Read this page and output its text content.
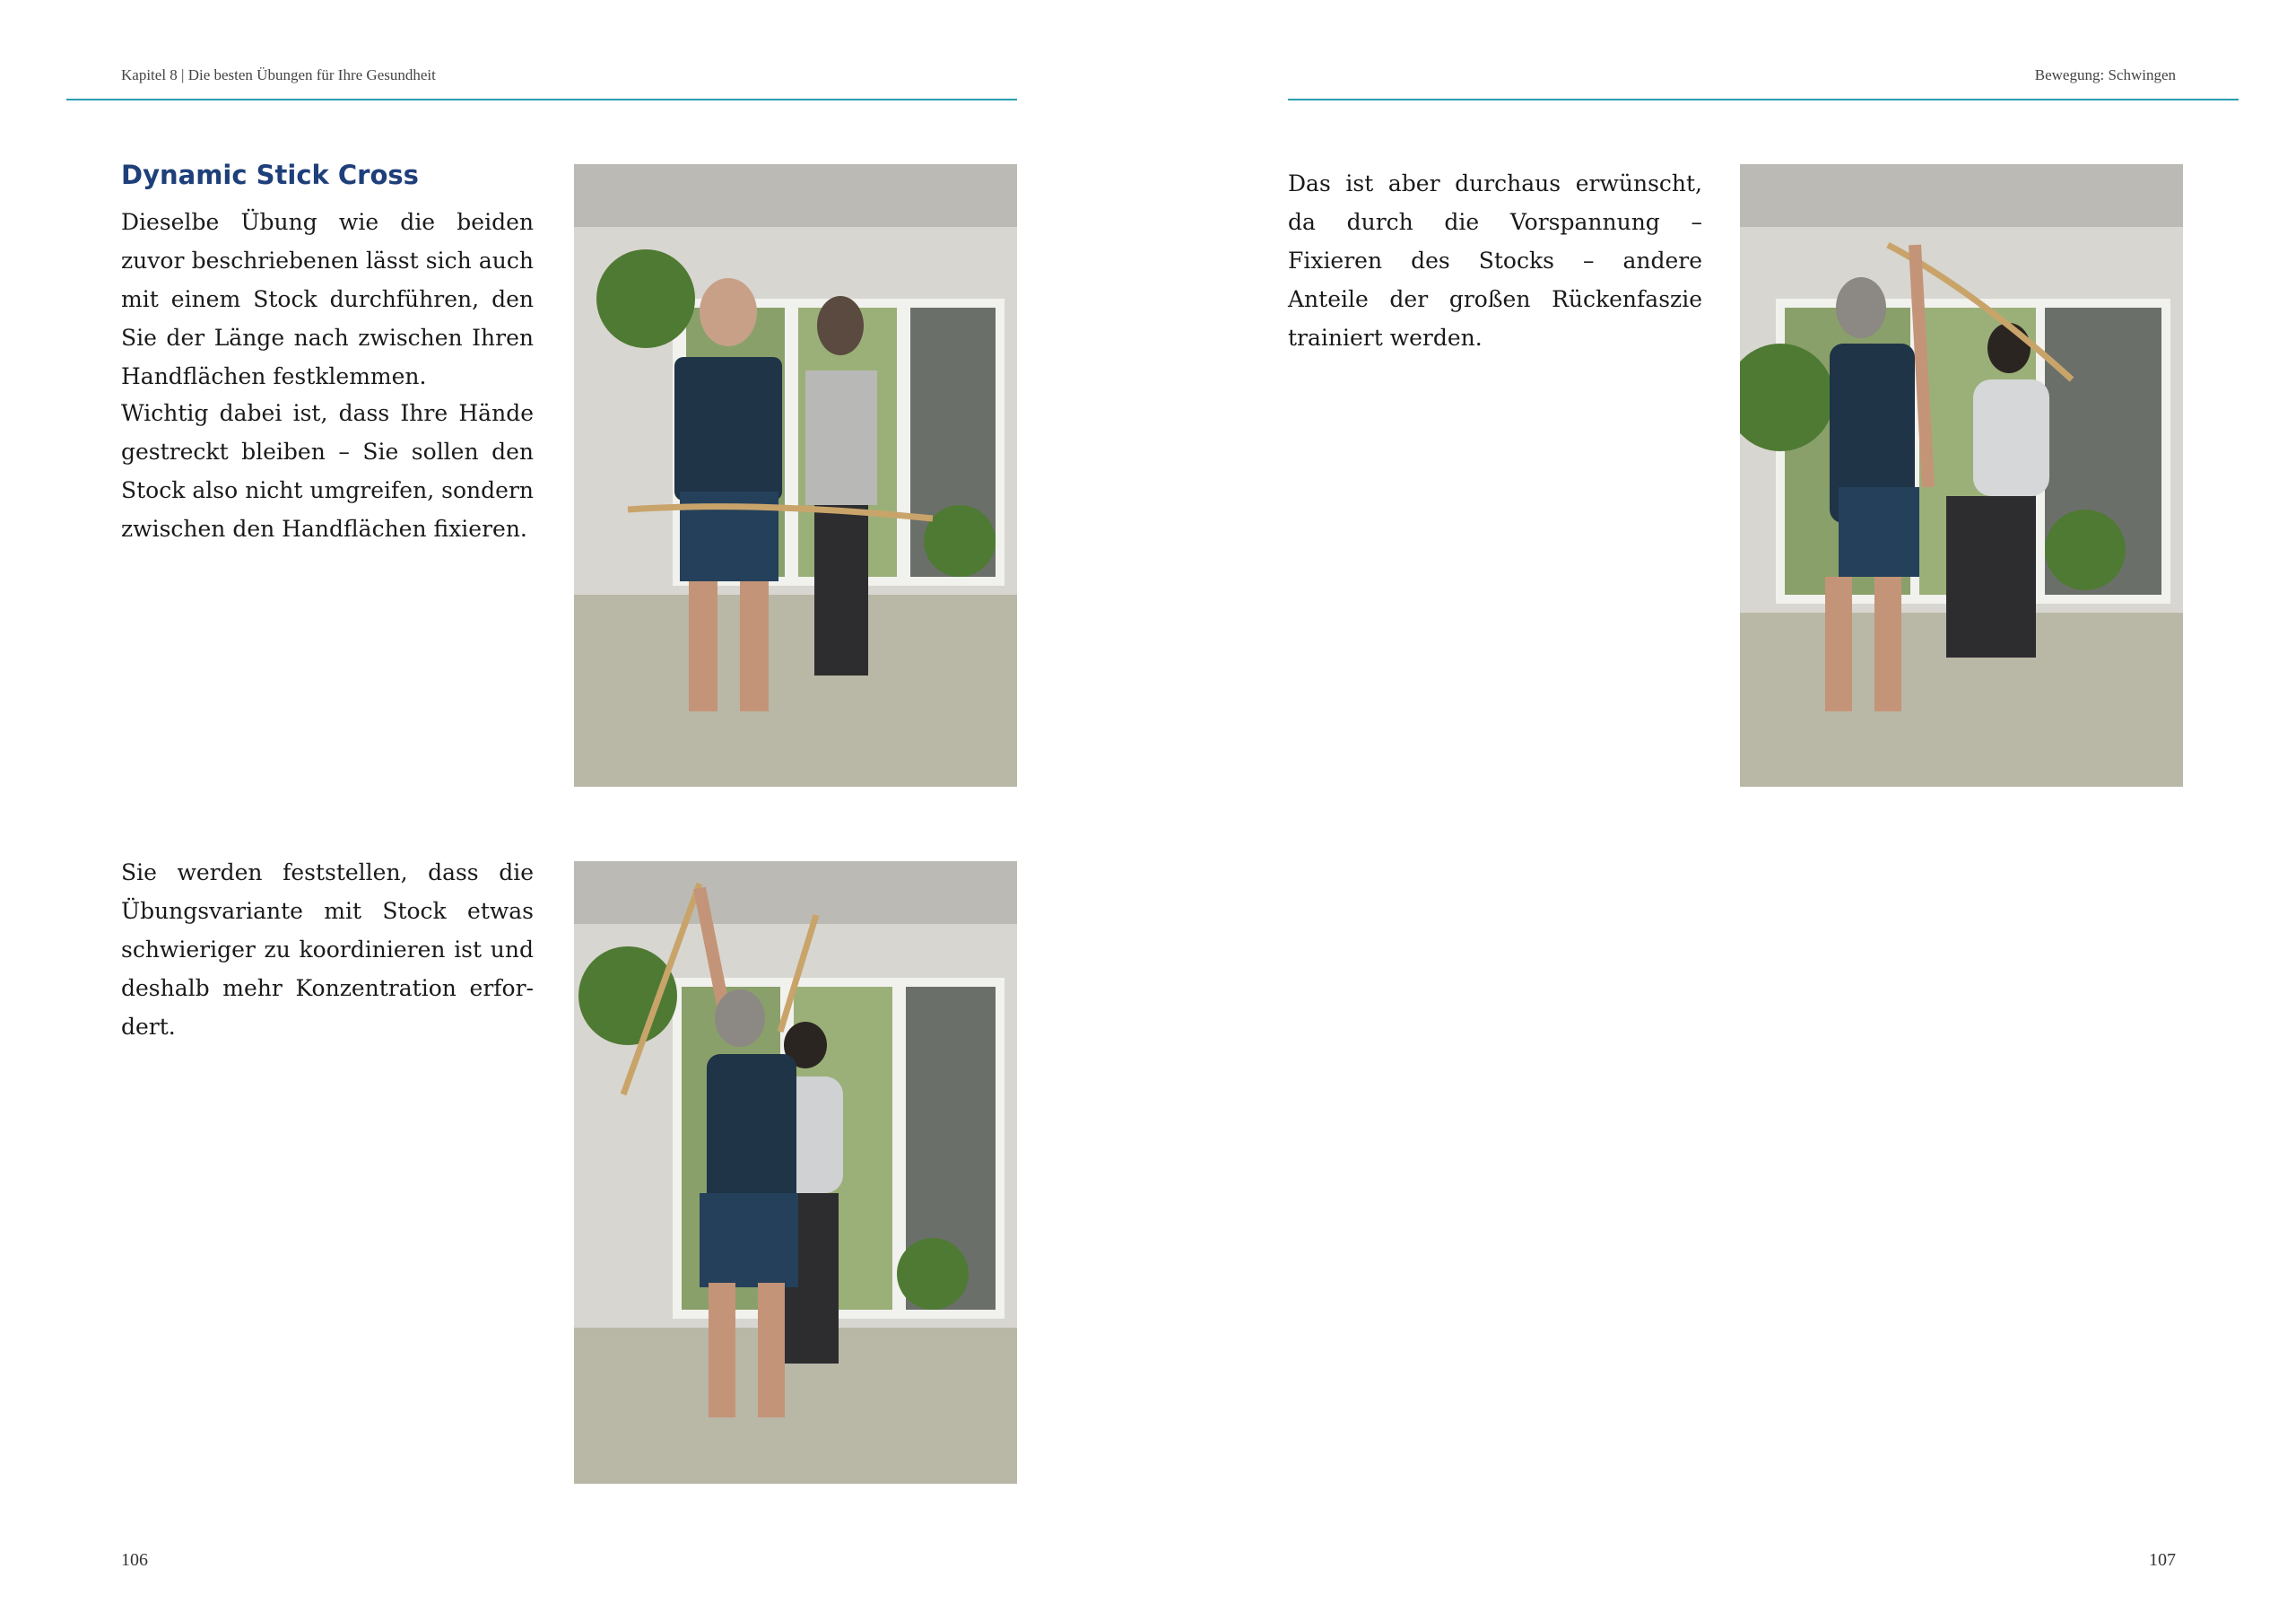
Kapitel 8 | Die besten Übungen für Ihre Gesundheit	Bewegung: Schwingen
Dynamic Stick Cross

Dieselbe Übung wie die beiden zuvor beschriebenen lässt sich auch mit einem Stock durchführen, den Sie der Länge nach zwischen Ihren Handflächen festklemmen.

Wichtig dabei ist, dass Ihre Hände gestreckt bleiben – Sie sollen den Stock also nicht umgreifen, sondern zwischen den Handflächen fixieren.

Sie werden feststellen, dass die Übungsvariante mit Stock etwas schwieriger zu koordinieren ist und deshalb mehr Konzentration erfordert.

Das ist aber durchaus erwünscht, da durch die Vorspannung – Fixieren des Stocks – andere Anteile der großen Rückenfaszie trainiert werden.

106	107
